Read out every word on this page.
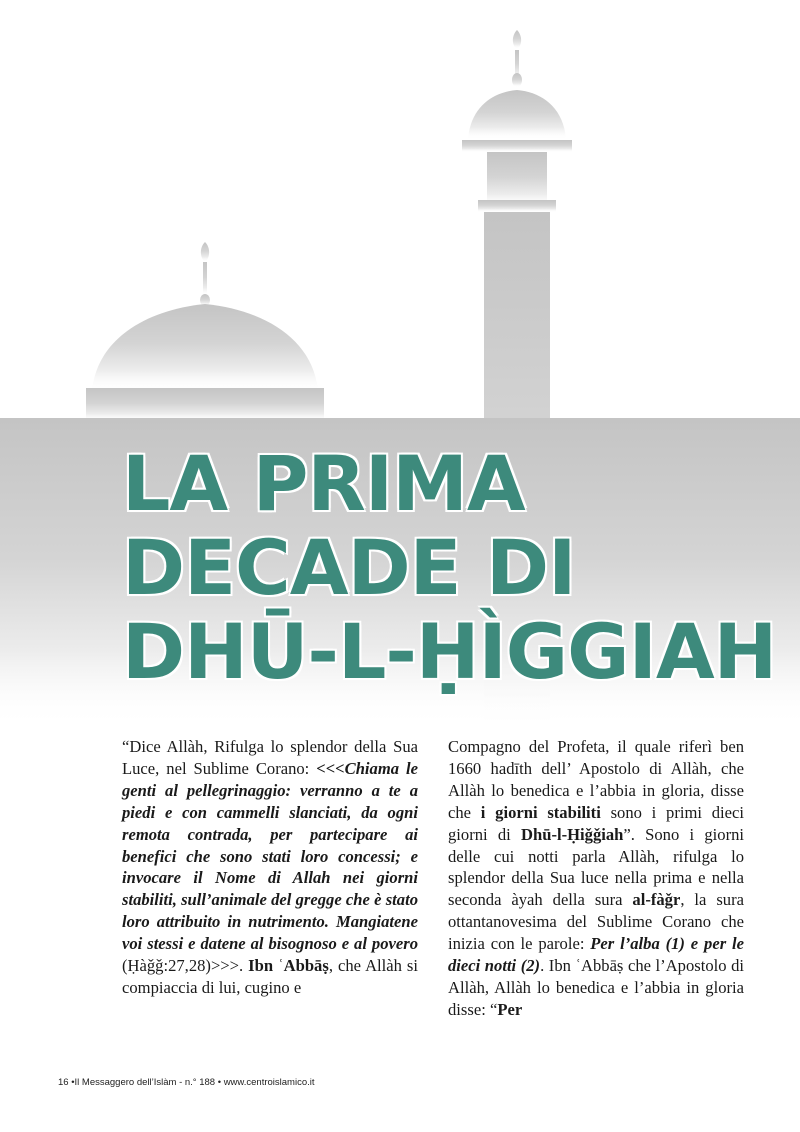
LA PRIMA
DECADE DI
DHŪ-L-ḤÌGGIAH

“Dice Allàh, Rifulga lo splendor della Sua Luce, nel Sublime Corano: <<<Chiama le genti al pellegrinaggio: verranno a te a piedi e con cammelli slanciati, da ogni remota contrada, per partecipare ai benefici che sono stati loro concessi; e invocare il Nome di Allah nei giorni stabiliti, sull’animale del gregge che è stato loro attribuito in nutrimento. Mangiatene voi stessi e datene al bisognoso e al povero (Ḥàǧǧ:27,28)>>>. Ibn ʿAbbāṣ, che Allàh si compiaccia di lui, cugino e

Compagno del Profeta, il quale riferì ben 1660 hadīth dell’ Apostolo di Allàh, che Allàh lo benedica e l’abbia in gloria, disse che i giorni stabiliti sono i primi dieci giorni di Dhū-l-Ḥiǧǧiah”. Sono i giorni delle cui notti parla Allàh, rifulga lo splendor della Sua luce nella prima e nella seconda àyah della sura al-fàǧr, la sura ottantanovesima del Sublime Corano che inizia con le parole: Per l’alba (1) e per le dieci notti (2). Ibn ʿAbbāṣ che l’Apostolo di Allàh, Allàh lo benedica e l’abbia in gloria disse: “Per

16 •Il Messaggero dell’Islàm - n.° 188 • www.centroislamico.it
